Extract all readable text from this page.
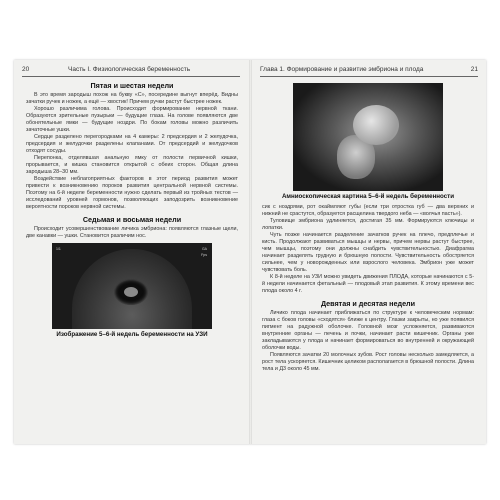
20	Часть I. Физиологическая беременность
Пятая и шестая недели

В это время зародыш похож на букву «С», посередине выгнут вперёд. Видны зачатки ручек и ножек, а ещё — хвостик! Причем ручки растут быстрее ножек.

Хорошо различима голова. Происходит формирование нервной ткани. Образуются зрительные пузырьки — будущие глаза. На голове появляются две обонятельные ямки — будущие ноздри. По бокам головы можно различить зачаточные ушки.

Сердце разделено перегородками на 4 камеры: 2 предсердия и 2 желудочка, предсердия и желудочки разделены клапанами. От предсердий и желудочков отходят сосуды.

Перепонка, отделявшая анальную ямку от полости первичной кишки, прорывается, и кишка становится открытой с обеих сторон. Общая длина зародыша 28–30 мм.

Воздействие неблагоприятных факторов в этот период развития может привести к возникновению пороков развития центральной нервной системы. Поэтому на 6-й неделе беременности нужно сделать первый из тройных тестов — исследований уровней гормонов, позволяющих заподозрить возникновение вероятности пороков нервной системы.

Седьмая и восьмая недели

Происходит усовершенствование личика эмбриона: появляются глазные щели, две канавки — ушки. Становится различим нос.

1/1	GA
Fps
Изображение 5–6-й недель беременности на УЗИ
Глава 1. Формирование и развитие эмбриона и плода	21
Амниоскопическая картина 5–6-й недель беременности

сик с ноздрями, рот окаймляют губы (если три отростка губ — два верхних и нижний не срастутся, образуется расщелина твердого неба — «волчья пасть»).

Туловище эмбриона удлиняется, достигая 35 мм. Формируются ключицы и лопатки.

Чуть позже начинается разделение зачатков ручек на плечо, предплечье и кисть. Продолжают развиваться мышцы и нервы, причем нервы растут быстрее, чем мышцы, поэтому они должны снабдить чувствительностью. Диафрагма начинает разделять грудную и брюшную полости. Чувствительность обостряется сильнее, чем у новорожденных или взрослого человека. Эмбрион уже может чувствовать боль.

К 8-й неделе на УЗИ можно увидеть движения ПЛОДА, которые начинаются с 5-й недели начинается фетальный — плодовый этап развития. К этому времени вес плода около 4 г.

Девятая и десятая недели

Личико плода начинает приближаться по структуре к человеческим нормам: глаза с боков головы «сходятся» ближе к центру. Глазки закрыты, но уже появился пигмент на радужной оболочке. Головной мозг усложняется, развиваются внутренние органы — печень и почки, начинает расти кишечник. Органы уже закладываются у плода и начинает формироваться во внутренней и окружающей оболочки воды.

Появляются зачатки 20 молочных зубов. Рост головы несколько замедляется, а рост тела ускоряется. Кишечник целиком располагается в брюшной полости. Длина тела и Д3 около 45 мм.
